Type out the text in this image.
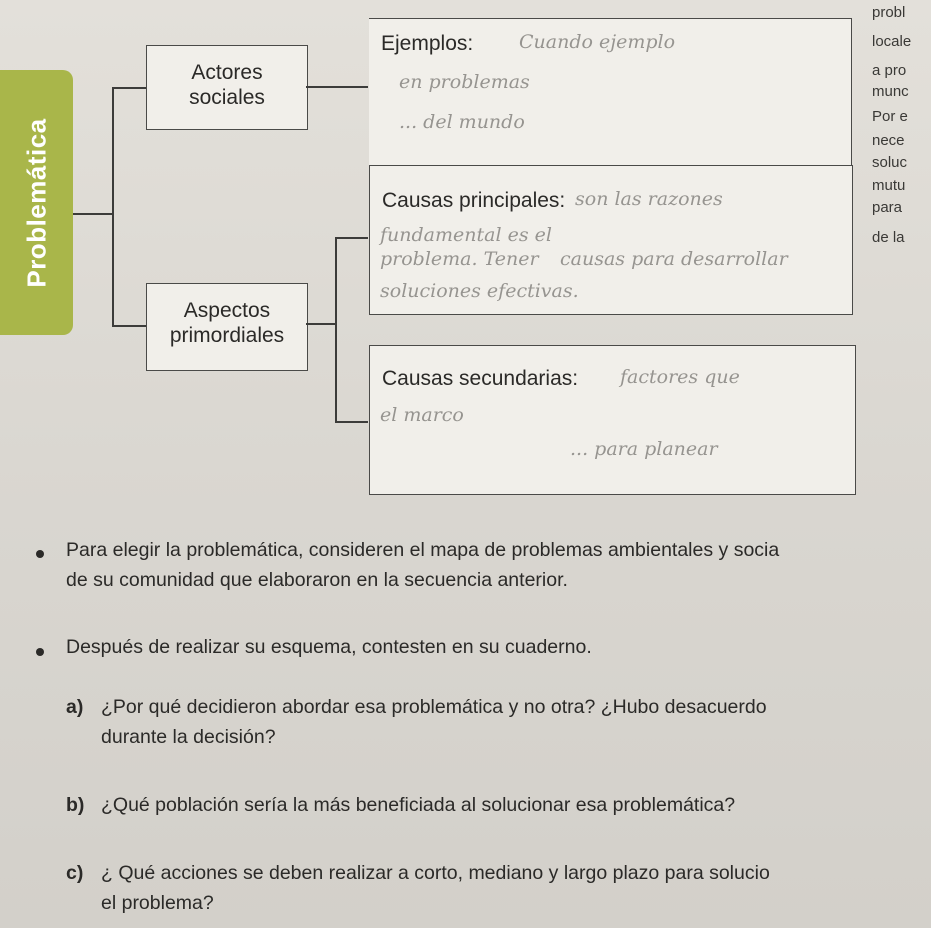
Problemática
Actores
sociales
Ejemplos: Cuando ejemplo
en problemas
... del mundo
Aspectos
primordiales
Causas principales: son las razones
fundamental es el
problema. Tener causas para desarrollar
soluciones efectivas.
Causas secundarias: factores que
el marco
... para planear
probl
locale
a pro
munc
Por e
nece
soluc
mutu
para
de la
Para elegir la problemática, consideren el mapa de problemas ambientales y socia
de su comunidad que elaboraron en la secuencia anterior.
Después de realizar su esquema, contesten en su cuaderno.
a) ¿Por qué decidieron abordar esa problemática y no otra? ¿Hubo desacuerdo
durante la decisión?
b) ¿Qué población sería la más beneficiada al solucionar esa problemática?
c) ¿ Qué acciones se deben realizar a corto, mediano y largo plazo para solucio
el problema?
